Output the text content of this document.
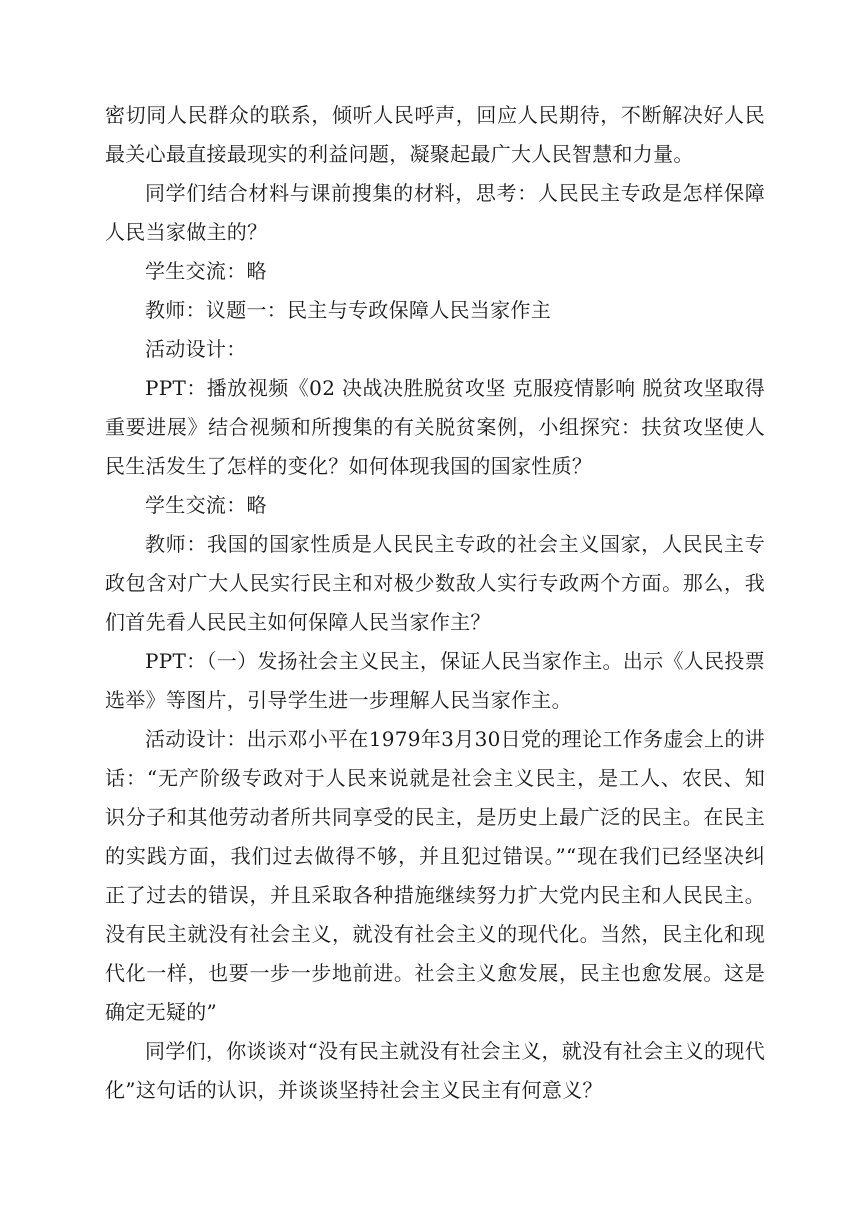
密切同人民群众的联系，倾听人民呼声，回应人民期待，不断解决好人民最关心最直接最现实的利益问题，凝聚起最广大人民智慧和力量。

同学们结合材料与课前搜集的材料，思考：人民民主专政是怎样保障人民当家做主的？

学生交流：略

教师：议题一：民主与专政保障人民当家作主

活动设计：

PPT：播放视频《02 决战决胜脱贫攻坚 克服疫情影响 脱贫攻坚取得重要进展》结合视频和所搜集的有关脱贫案例，小组探究：扶贫攻坚使人民生活发生了怎样的变化？如何体现我国的国家性质？

学生交流：略

教师：我国的国家性质是人民民主专政的社会主义国家，人民民主专政包含对广大人民实行民主和对极少数敌人实行专政两个方面。那么，我们首先看人民民主如何保障人民当家作主？

PPT：（一）发扬社会主义民主，保证人民当家作主。出示《人民投票选举》等图片，引导学生进一步理解人民当家作主。

活动设计：出示邓小平在1979年3月30日党的理论工作务虚会上的讲话：“无产阶级专政对于人民来说就是社会主义民主，是工人、农民、知识分子和其他劳动者所共同享受的民主，是历史上最广泛的民主。在民主的实践方面，我们过去做得不够，并且犯过错误。”“现在我们已经坚决纠正了过去的错误，并且采取各种措施继续努力扩大党内民主和人民民主。没有民主就没有社会主义，就没有社会主义的现代化。当然，民主化和现代化一样，也要一步一步地前进。社会主义愈发展，民主也愈发展。这是确定无疑的”

同学们，你谈谈对“没有民主就没有社会主义，就没有社会主义的现代化”这句话的认识，并谈谈坚持社会主义民主有何意义？
